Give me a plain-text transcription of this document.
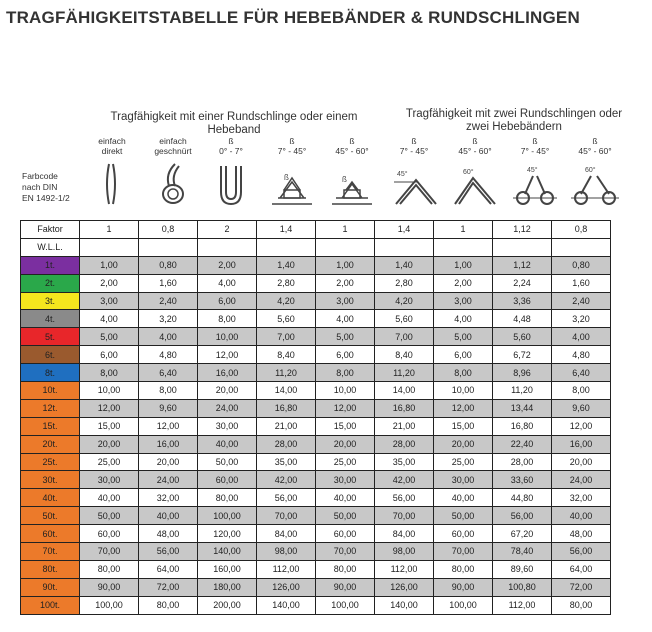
TRAGFÄHIGKEITSTABELLE FÜR HEBEBÄNDER & RUNDSCHLINGEN
Tragfähigkeit mit einer Rundschlinge oder einem Hebeband
Tragfähigkeit mit zwei Rundschlingen oder
zwei Hebebändern
Farbcode
nach DIN
EN 1492-1/2
einfach
direkt
einfach
geschnürt
ß
0° - 7°
ß
7° - 45°
ß
45° - 60°
ß
7° - 45°
ß
45° - 60°
ß
7° - 45°
ß
45° - 60°
ß	ß
45°	60°	45°	60°
Faktor	1	0,8	2	1,4	1	1,4	1	1,12	0,8
W.L.L.									
1t.	1,00	0,80	2,00	1,40	1,00	1,40	1,00	1,12	0,80
2t.	2,00	1,60	4,00	2,80	2,00	2,80	2,00	2,24	1,60
3t.	3,00	2,40	6,00	4,20	3,00	4,20	3,00	3,36	2,40
4t.	4,00	3,20	8,00	5,60	4,00	5,60	4,00	4,48	3,20
5t.	5,00	4,00	10,00	7,00	5,00	7,00	5,00	5,60	4,00
6t.	6,00	4,80	12,00	8,40	6,00	8,40	6,00	6,72	4,80
8t.	8,00	6,40	16,00	11,20	8,00	11,20	8,00	8,96	6,40
10t.	10,00	8,00	20,00	14,00	10,00	14,00	10,00	11,20	8,00
12t.	12,00	9,60	24,00	16,80	12,00	16,80	12,00	13,44	9,60
15t.	15,00	12,00	30,00	21,00	15,00	21,00	15,00	16,80	12,00
20t.	20,00	16,00	40,00	28,00	20,00	28,00	20,00	22,40	16,00
25t.	25,00	20,00	50,00	35,00	25,00	35,00	25,00	28,00	20,00
30t.	30,00	24,00	60,00	42,00	30,00	42,00	30,00	33,60	24,00
40t.	40,00	32,00	80,00	56,00	40,00	56,00	40,00	44,80	32,00
50t.	50,00	40,00	100,00	70,00	50,00	70,00	50,00	56,00	40,00
60t.	60,00	48,00	120,00	84,00	60,00	84,00	60,00	67,20	48,00
70t.	70,00	56,00	140,00	98,00	70,00	98,00	70,00	78,40	56,00
80t.	80,00	64,00	160,00	112,00	80,00	112,00	80,00	89,60	64,00
90t.	90,00	72,00	180,00	126,00	90,00	126,00	90,00	100,80	72,00
100t.	100,00	80,00	200,00	140,00	100,00	140,00	100,00	112,00	80,00
